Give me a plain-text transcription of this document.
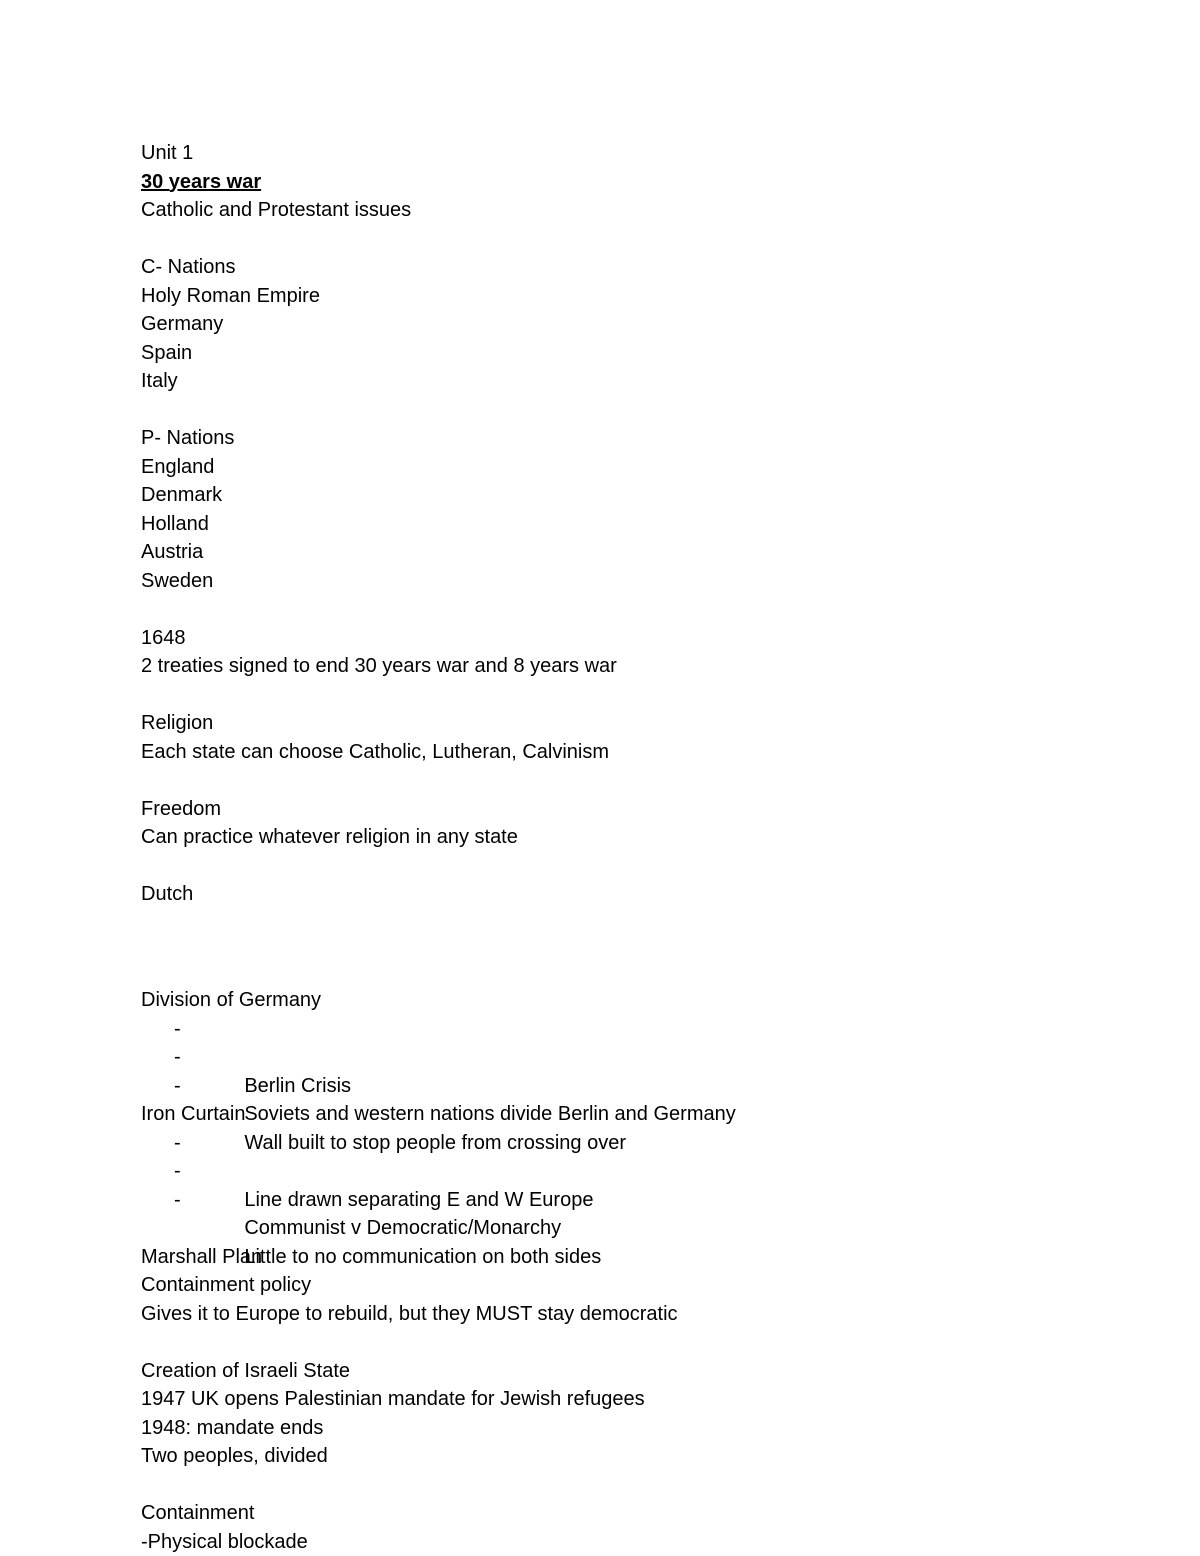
Unit 1
30 years war
Catholic and Protestant issues
C- Nations
Holy Roman Empire
Germany
Spain
Italy
P- Nations
England
Denmark
Holland
Austria
Sweden
1648
2 treaties signed to end 30 years war and 8 years war
Religion
Each state can choose Catholic, Lutheran, Calvinism
Freedom
Can practice whatever religion in any state
Dutch
Division of Germany

-

Berlin Crisis

-

Soviets and western nations divide Berlin and Germany

-

Wall built to stop people from crossing over

Iron Curtain

-

Line drawn separating E and W Europe

-

Communist v Democratic/Monarchy

-

Little to no communication on both sides

Marshall Plan
Containment policy
Gives it to Europe to rebuild, but they MUST stay democratic
Creation of Israeli State
1947 UK opens Palestinian mandate for Jewish refugees
1948: mandate ends
Two peoples, divided
Containment
-Physical blockade
